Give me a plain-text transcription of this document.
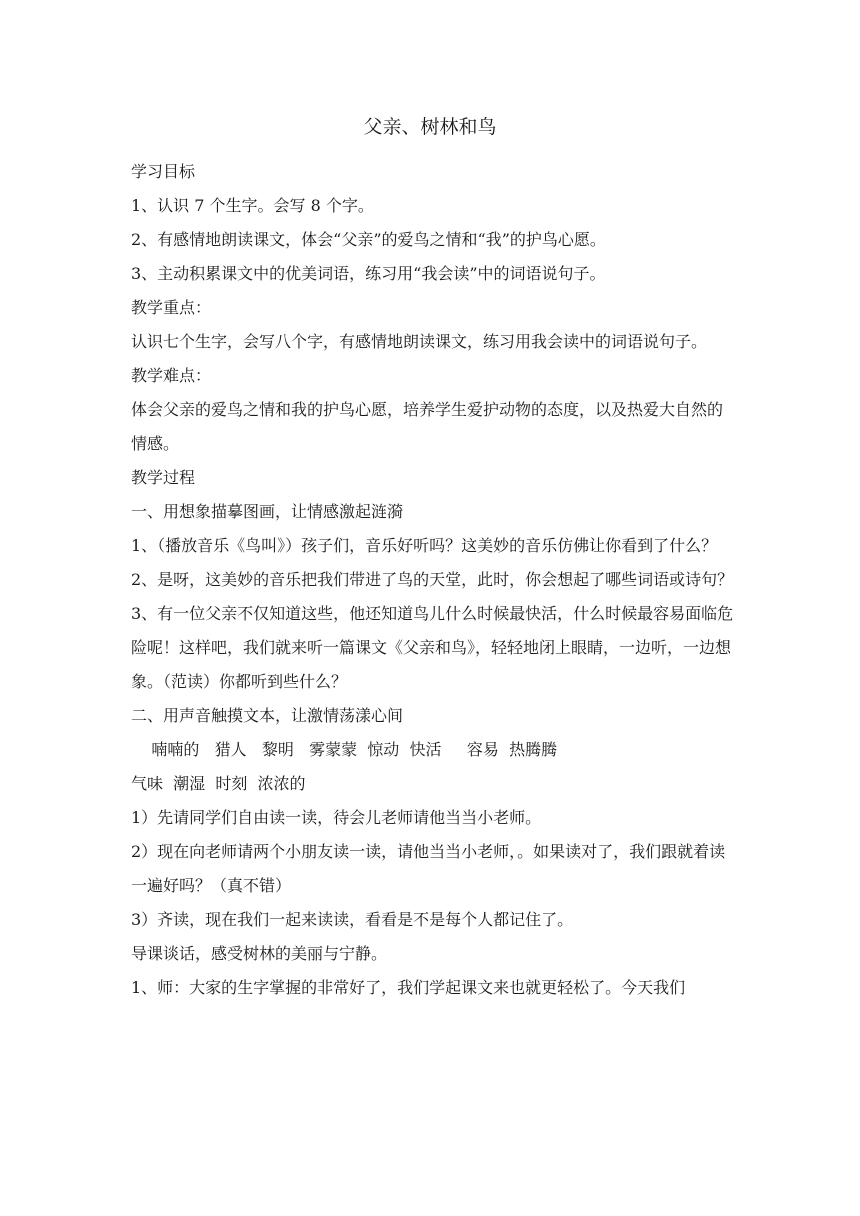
父亲、树林和鸟

学习目标

1、认识 7 个生字。会写 8 个字。

2、有感情地朗读课文，体会“父亲”的爱鸟之情和“我”的护鸟心愿。

3、主动积累课文中的优美词语，练习用“我会读”中的词语说句子。

教学重点：

认识七个生字，会写八个字，有感情地朗读课文，练习用我会读中的词语说句子。

教学难点：

体会父亲的爱鸟之情和我的护鸟心愿，培养学生爱护动物的态度，以及热爱大自然的情感。

教学过程

一、用想象描摹图画，让情感激起涟漪

1、（播放音乐《鸟叫》）孩子们，音乐好听吗？这美妙的音乐仿佛让你看到了什么？

2、是呀，这美妙的音乐把我们带进了鸟的天堂，此时，你会想起了哪些词语或诗句？

3、有一位父亲不仅知道这些，他还知道鸟儿什么时候最快活，什么时候最容易面临危险呢！这样吧，我们就来听一篇课文《父亲和鸟》，轻轻地闭上眼睛，一边听，一边想象。（范读）你都听到些什么？

二、用声音触摸文本，让激情荡漾心间

喃喃的   猎人   黎明   雾蒙蒙  惊动  快活     容易  热腾腾

气味  潮湿  时刻  浓浓的

1）先请同学们自由读一读，待会儿老师请他当当小老师。

2）现在向老师请两个小朋友读一读，请他当当小老师，。如果读对了，我们跟就着读一遍好吗？（真不错）

3）齐读，现在我们一起来读读，看看是不是每个人都记住了。

导课谈话，感受树林的美丽与宁静。

1、师：大家的生字掌握的非常好了，我们学起课文来也就更轻松了。今天我们
